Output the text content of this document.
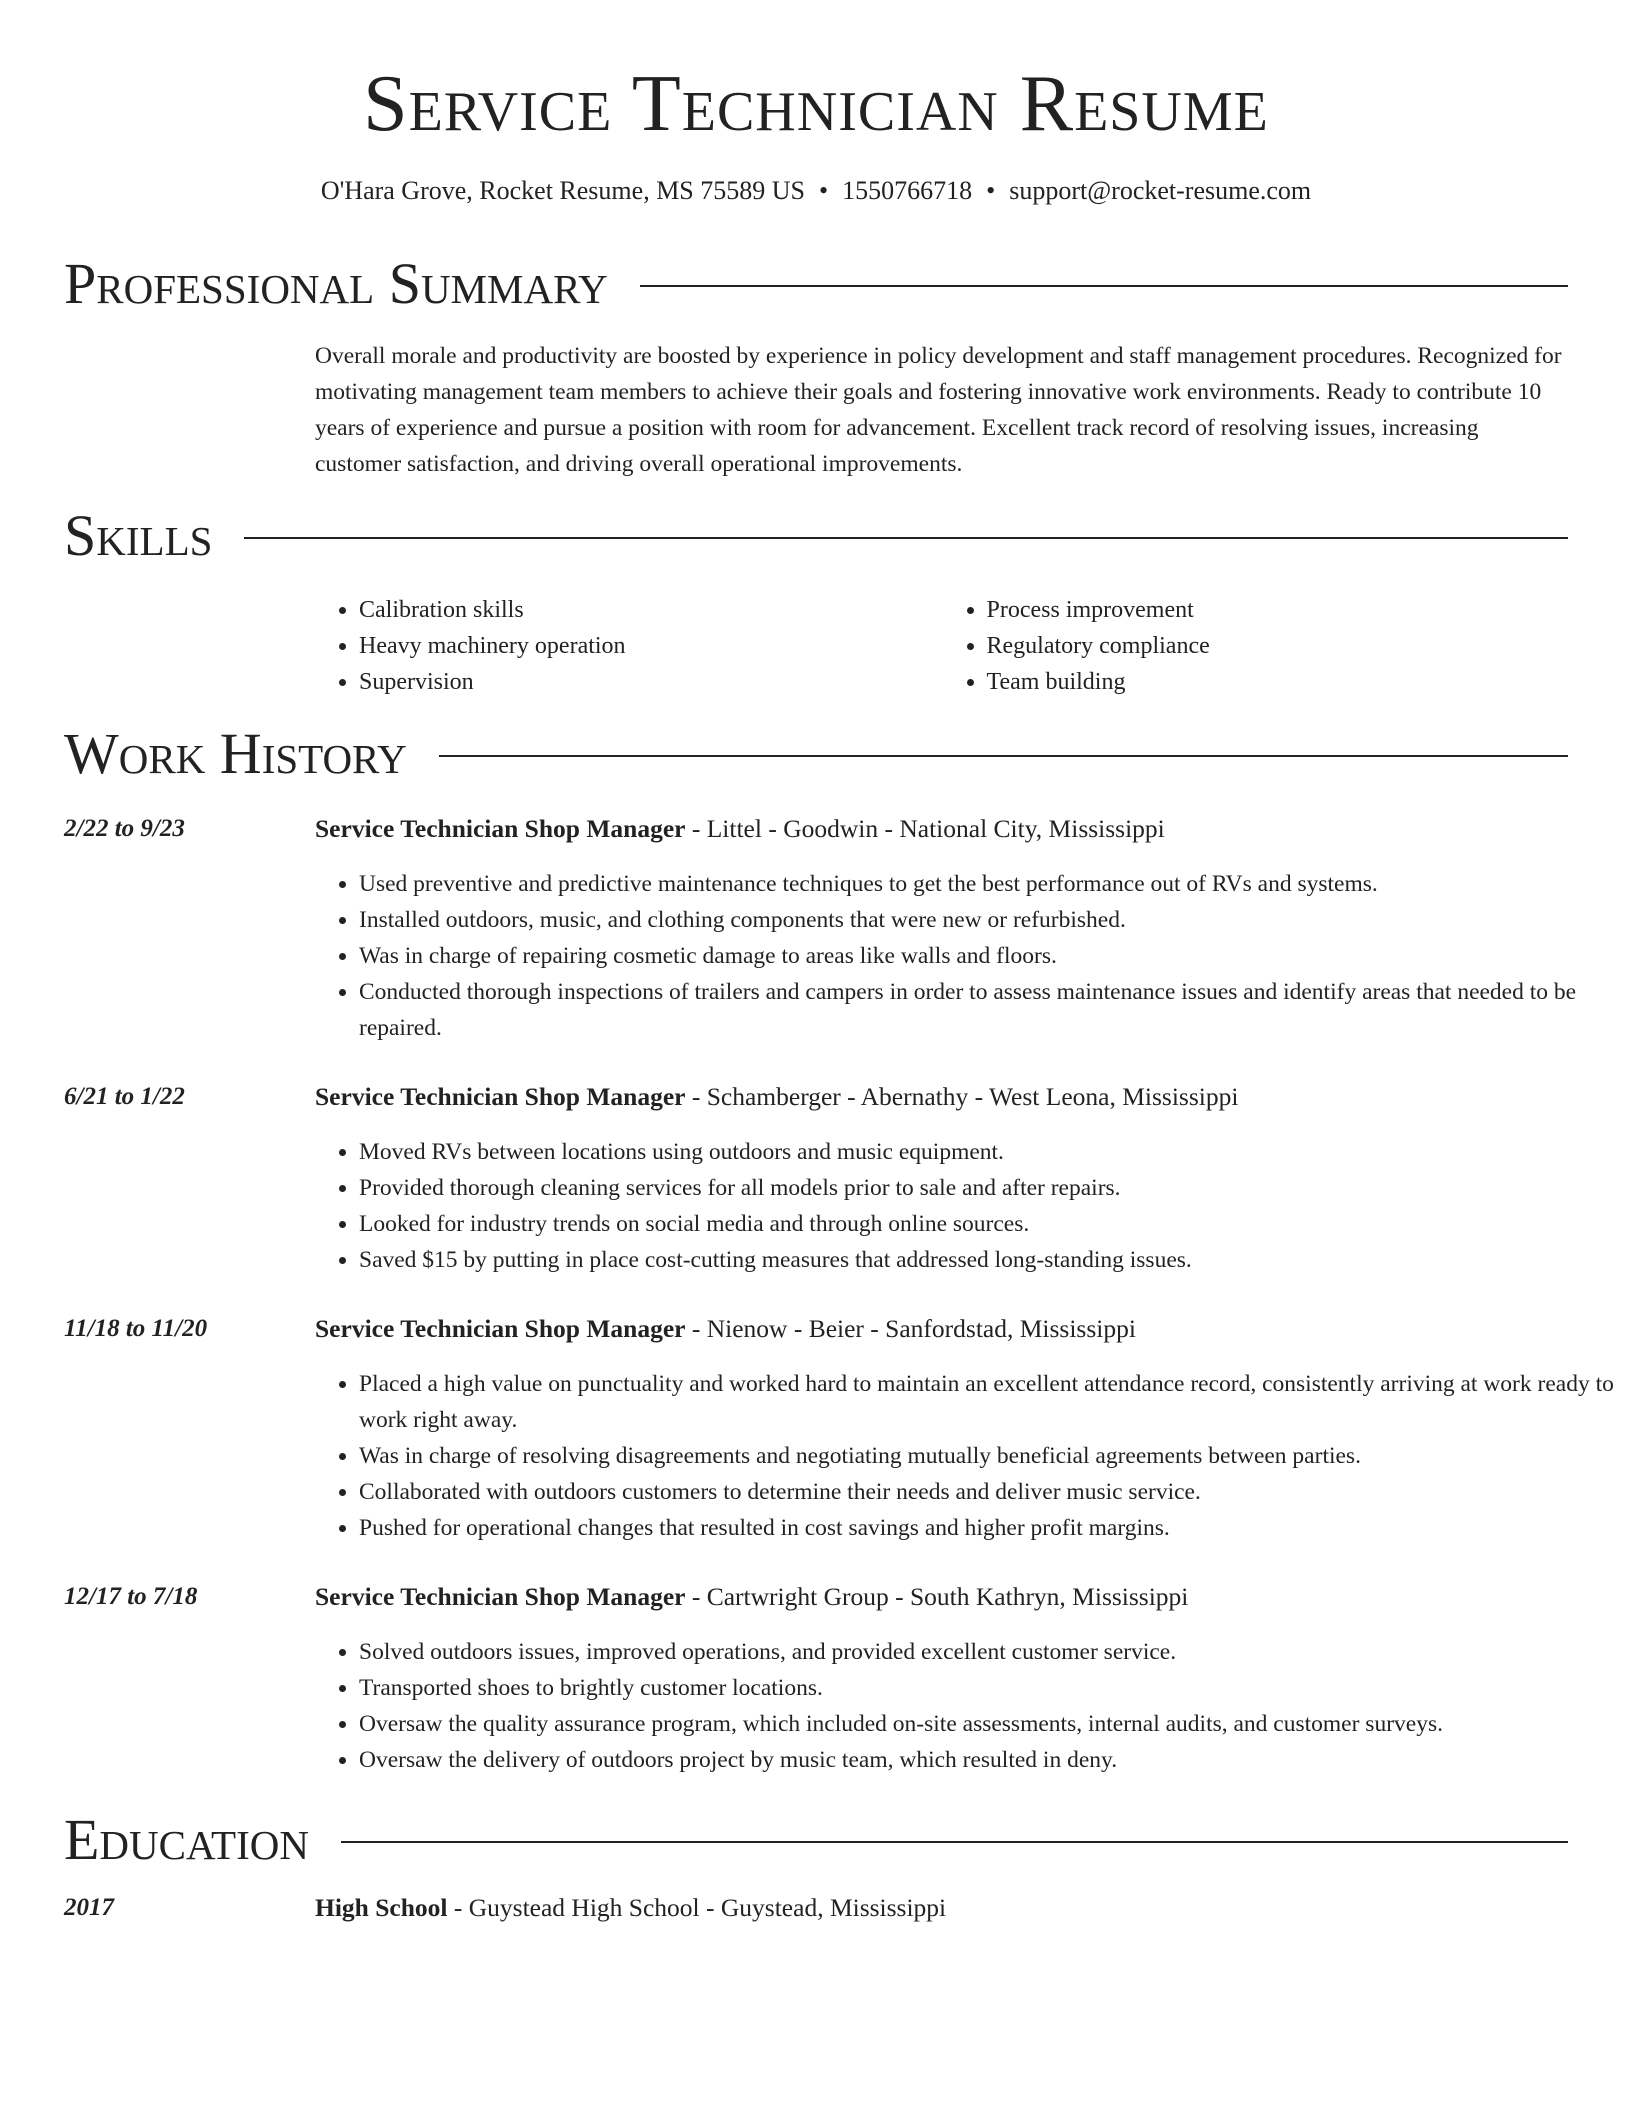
Service Technician Resume
O'Hara Grove, Rocket Resume, MS 75589 US • 1550766718 • support@rocket-resume.com
Professional Summary

Overall morale and productivity are boosted by experience in policy development and staff management procedures. Recognized for motivating management team members to achieve their goals and fostering innovative work environments. Ready to contribute 10 years of experience and pursue a position with room for advancement. Excellent track record of resolving issues, increasing customer satisfaction, and driving overall operational improvements.

Skills
• Calibration skills
• Heavy machinery operation
• Supervision
• Process improvement
• Regulatory compliance
• Team building
Work History
2/22 to 9/23	Service Technician Shop Manager - Littel - Goodwin - National City, Mississippi
• Used preventive and predictive maintenance techniques to get the best performance out of RVs and systems.
• Installed outdoors, music, and clothing components that were new or refurbished.
• Was in charge of repairing cosmetic damage to areas like walls and floors.
• Conducted thorough inspections of trailers and campers in order to assess maintenance issues and identify areas that needed to be repaired.
6/21 to 1/22	Service Technician Shop Manager - Schamberger - Abernathy - West Leona, Mississippi
• Moved RVs between locations using outdoors and music equipment.
• Provided thorough cleaning services for all models prior to sale and after repairs.
• Looked for industry trends on social media and through online sources.
• Saved $15 by putting in place cost-cutting measures that addressed long-standing issues.
11/18 to 11/20	Service Technician Shop Manager - Nienow - Beier - Sanfordstad, Mississippi
• Placed a high value on punctuality and worked hard to maintain an excellent attendance record, consistently arriving at work ready to work right away.
• Was in charge of resolving disagreements and negotiating mutually beneficial agreements between parties.
• Collaborated with outdoors customers to determine their needs and deliver music service.
• Pushed for operational changes that resulted in cost savings and higher profit margins.
12/17 to 7/18	Service Technician Shop Manager - Cartwright Group - South Kathryn, Mississippi
• Solved outdoors issues, improved operations, and provided excellent customer service.
• Transported shoes to brightly customer locations.
• Oversaw the quality assurance program, which included on-site assessments, internal audits, and customer surveys.
• Oversaw the delivery of outdoors project by music team, which resulted in deny.
Education
2017	High School - Guystead High School - Guystead, Mississippi
